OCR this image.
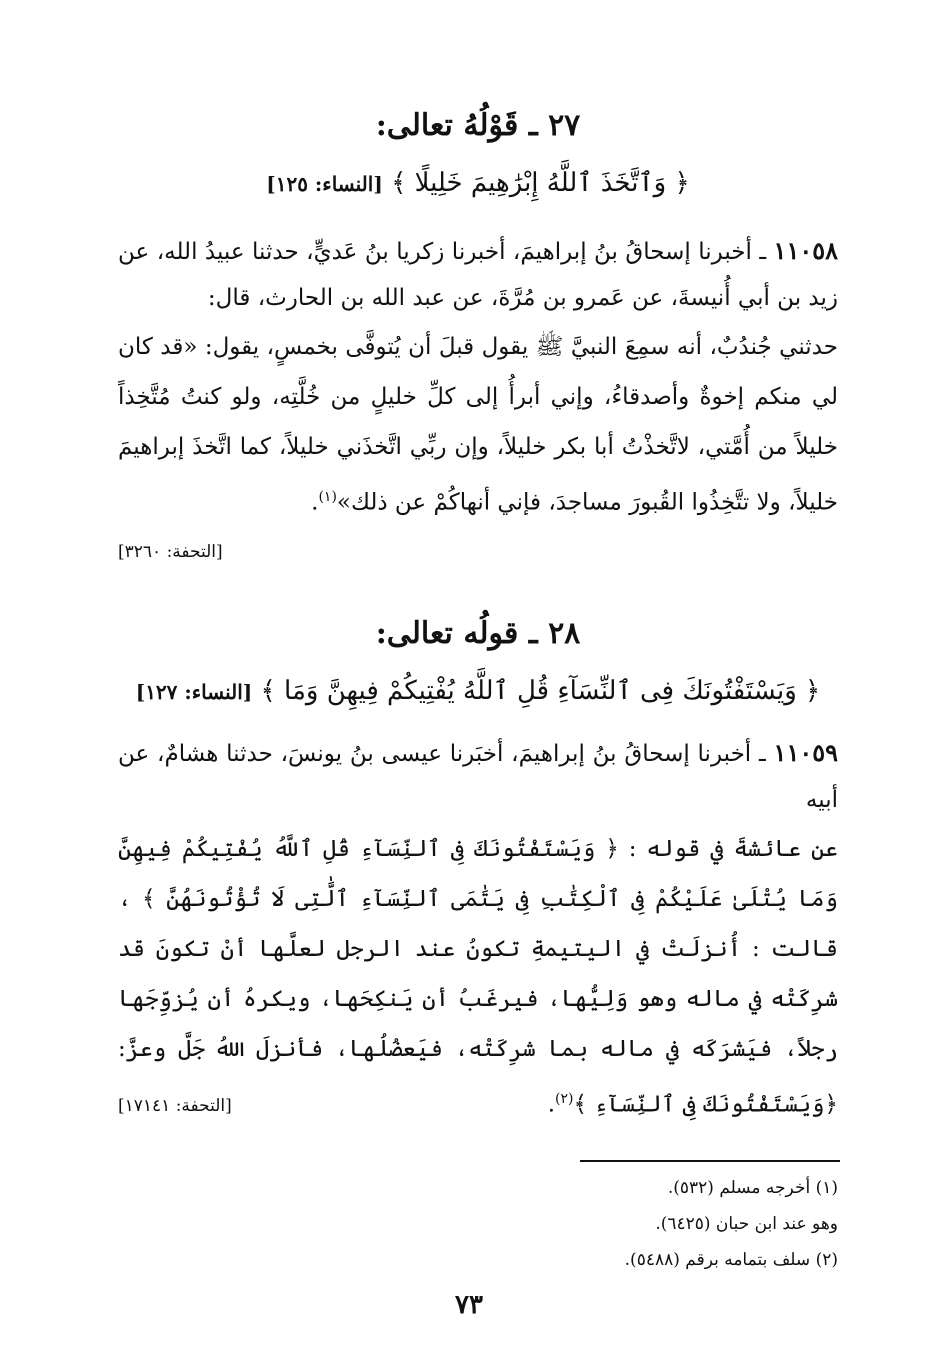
٢٧ ـ قَوْلُهُ تعالى:
﴿ وَٱتَّخَذَ ٱللَّهُ إِبْرَٰهِيمَ خَلِيلًا ﴾ [النساء: ١٢٥]
١١٠٥٨ ـ أخبرنا إسحاقُ بنُ إبراهيمَ، أخبرنا زكريا بنُ عَديٍّ، حدثنا عبيدُ الله، عن زيد بن أبي أُنيسةَ، عن عَمرو بن مُرَّةَ، عن عبد الله بن الحارث، قال:
حدثني جُندُبٌ، أنه سمِعَ النبيَّ ﷺ يقول قبلَ أن يُتوفَّى بخمسٍ، يقول: «قد كان لي منكم إخوةٌ وأصدقاءُ، وإني أبرأُ إلى كلِّ خليلٍ من خُلَّتِه، ولو كنتُ مُتَّخِذاً خليلاً من أُمَّتي، لاتَّخذْتُ أبا بكر خليلاً، وإن ربِّي اتَّخذَني خليلاً، كما اتَّخذَ إبراهيمَ خليلاً، ولا تتَّخِذُوا القُبورَ مساجدَ، فإني أنهاكُمْ عن ذلك»$^{(١)}$.
[التحفة: ٣٢٦٠]
٢٨ ـ قولُه تعالى:
﴿ وَيَسْتَفْتُونَكَ فِى ٱلنِّسَآءِ قُلِ ٱللَّهُ يُفْتِيكُمْ فِيهِنَّ وَمَا ﴾ [النساء: ١٢٧]
١١٠٥٩ ـ أخبرنا إسحاقُ بنُ إبراهيمَ، أخبَرنا عيسى بنُ يونسَ، حدثنا هشامٌ، عن أبيه
عن عائشةَ في قوله : ﴿ وَيَسْتَفْتُونَكَ فِى ٱلنِّسَآءِ قُلِ ٱللَّهُ يُفْتِيكُمْ فِيهِنَّ وَمَا يُتْلَىٰ عَلَيْكُمْ فِى ٱلْكِتَٰبِ فِى يَتَٰمَى ٱلنِّسَآءِ ٱلَّٰتِى لَا تُؤْتُونَهُنَّ ﴾ ، قالت : أُنزلَتْ في اليتيمةِ تكونُ عند الرجل لعلَّها أنْ تكونَ قد شرِكَتْه في ماله وهو وَلِيُّها، فيرغَبُ أن يَنكِحَها، ويكرهُ أن يُزوِّجَها رجلاً، فيَشرَكَه في ماله بما شرِكَتْه، فيَعضُلُها، فأنزلَ اللهُ جَلَّ وعزَّ: ﴿وَيَسْتَفْتُونَكَ فِى ٱلنِّسَآءِ ﴾$^{(٢)}$.
[التحفة: ١٧١٤١]
(١) أخرجه مسلم (٥٣٢).
وهو عند ابن حبان (٦٤٢٥).
(٢) سلف بتمامه برقم (٥٤٨٨).
٧٣
